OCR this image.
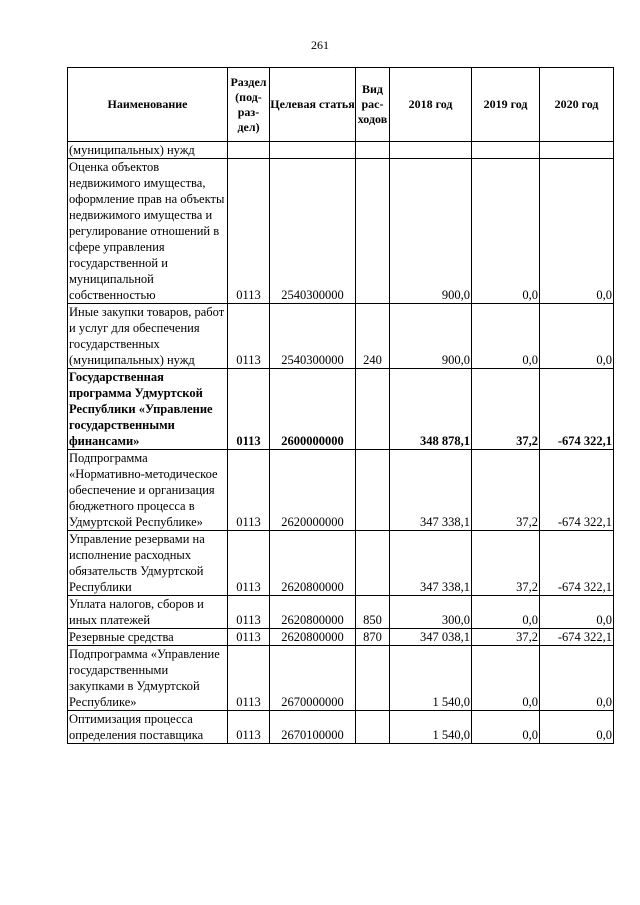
261
Наименование	Раздел (под-раз-дел)	Целевая статья	Вид рас-ходов	2018 год	2019 год	2020 год
(муниципальных) нужд						
Оценка объектов недвижимого имущества, оформление прав на объекты недвижимого имущества и регулирование отношений в сфере управления государственной и муниципальной собственностью	0113	2540300000		900,0	0,0	0,0
Иные закупки товаров, работ и услуг для обеспечения государственных (муниципальных) нужд	0113	2540300000	240	900,0	0,0	0,0
Государственная программа Удмуртской Республики «Управление государственными финансами»	0113	2600000000		348 878,1	37,2	-674 322,1
Подпрограмма «Нормативно-методическое обеспечение и организация бюджетного процесса в Удмуртской Республике»	0113	2620000000		347 338,1	37,2	-674 322,1
Управление резервами на исполнение расходных обязательств Удмуртской Республики	0113	2620800000		347 338,1	37,2	-674 322,1
Уплата налогов, сборов и иных платежей	0113	2620800000	850	300,0	0,0	0,0
Резервные средства	0113	2620800000	870	347 038,1	37,2	-674 322,1
Подпрограмма «Управление государственными закупками в Удмуртской Республике»	0113	2670000000		1 540,0	0,0	0,0
Оптимизация процесса определения поставщика	0113	2670100000		1 540,0	0,0	0,0
